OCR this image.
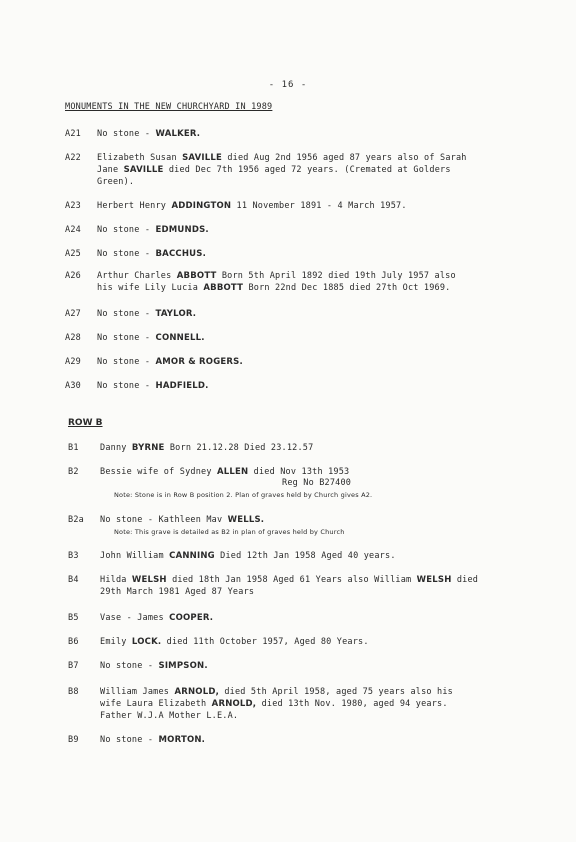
- 16 -
MONUMENTS IN THE NEW CHURCHYARD IN 1989
A21 No stone - WALKER.
A22 Elizabeth Susan SAVILLE died Aug 2nd 1956 aged 87 years also of Sarah
Jane SAVILLE died Dec 7th 1956 aged 72 years. (Cremated at Golders
Green).
A23 Herbert Henry ADDINGTON 11 November 1891 - 4 March 1957.
A24 No stone - EDMUNDS.
A25 No stone - BACCHUS.
A26 Arthur Charles ABBOTT Born 5th April 1892 died 19th July 1957 also
his wife Lily Lucia ABBOTT Born 22nd Dec 1885 died 27th Oct 1969.
A27 No stone - TAYLOR.
A28 No stone - CONNELL.
A29 No stone - AMOR & ROGERS.
A30 No stone - HADFIELD.
ROW B
B1	Danny BYRNE Born 21.12.28 Died 23.12.57
B2	Bessie wife of Sydney ALLEN died Nov 13th 1953
Reg No B27400
Note: Stone is in Row B position 2. Plan of graves held by Church gives A2.
B2a No stone - Kathleen Mav WELLS.
Note: This grave is detailed as B2 in plan of graves held by Church
B3	John William CANNING Died 12th Jan 1958 Aged 40 years.
B4	Hilda WELSH died 18th Jan 1958 Aged 61 Years also William WELSH died
29th March 1981 Aged 87 Years
B5	Vase - James COOPER.
B6	Emily LOCK. died 11th October 1957, Aged 80 Years.
B7	No stone - SIMPSON.
B8	William James ARNOLD, died 5th April 1958, aged 75 years also his
wife Laura Elizabeth ARNOLD, died 13th Nov. 1980, aged 94 years.
Father W.J.A Mother L.E.A.
B9	No stone - MORTON.
